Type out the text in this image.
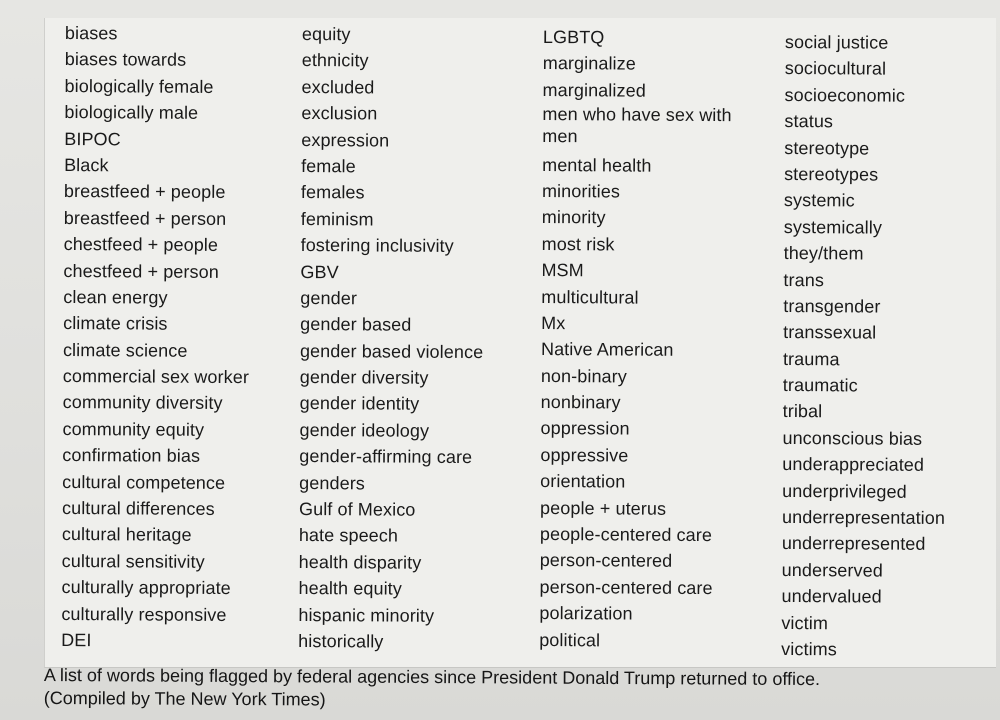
biases
biases towards
biologically female
biologically male
BIPOC
Black
breastfeed + people
breastfeed + person
chestfeed + people
chestfeed + person
clean energy
climate crisis
climate science
commercial sex worker
community diversity
community equity
confirmation bias
cultural competence
cultural differences
cultural heritage
cultural sensitivity
culturally appropriate
culturally responsive
DEI
equity
ethnicity
excluded
exclusion
expression
female
females
feminism
fostering inclusivity
GBV
gender
gender based
gender based violence
gender diversity
gender identity
gender ideology
gender-affirming care
genders
Gulf of Mexico
hate speech
health disparity
health equity
hispanic minority
historically
LGBTQ
marginalize
marginalized
men who have sex with men
mental health
minorities
minority
most risk
MSM
multicultural
Mx
Native American
non-binary
nonbinary
oppression
oppressive
orientation
people + uterus
people-centered care
person-centered
person-centered care
polarization
political
social justice
sociocultural
socioeconomic
status
stereotype
stereotypes
systemic
systemically
they/them
trans
transgender
transsexual
trauma
traumatic
tribal
unconscious bias
underappreciated
underprivileged
underrepresentation
underrepresented
underserved
undervalued
victim
victims
A list of words being flagged by federal agencies since President Donald Trump returned to office.
(Compiled by The New York Times)
